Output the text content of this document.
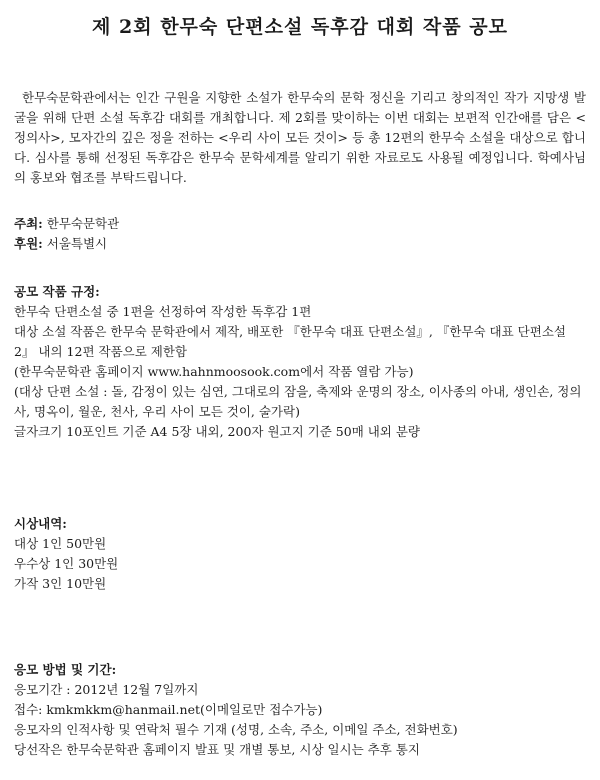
제 2회 한무숙 단편소설 독후감 대회 작품 공모
한무숙문학관에서는 인간 구원을 지향한 소설가 한무숙의 문학 정신을 기리고 창의적인 작가 지망생 발굴을 위해 단편 소설 독후감 대회를 개최합니다. 제 2회를 맞이하는 이번 대회는 보편적 인간애를 담은 <정의사>, 모자간의 깊은 정을 전하는 <우리 사이 모든 것이> 등 총 12편의 한무숙 소설을 대상으로 합니다. 심사를 통해 선정된 독후감은 한무숙 문학세계를 알리기 위한 자료로도 사용될 예정입니다. 학예사님의 홍보와 협조를 부탁드립니다.
주최: 한무숙문학관
후원: 서울특별시
공모 작품 규정:
한무숙 단편소설 중 1편을 선정하여 작성한 독후감 1편
대상 소설 작품은 한무숙 문학관에서 제작, 배포한 『한무숙 대표 단편소설』, 『한무숙 대표 단편소설2』 내의 12편 작품으로 제한함
(한무숙문학관 홈페이지 www.hahnmoosook.com에서 작품 열람 가능)
(대상 단편 소설 : 돌, 감정이 있는 심연, 그대로의 잠을, 축제와 운명의 장소, 이사종의 아내, 생인손, 정의사, 명옥이, 월운, 천사, 우리 사이 모든 것이, 술가락)
글자크기 10포인트 기준 A4 5장 내외, 200자 원고지 기준 50매 내외 분량
시상내역:
대상 1인 50만원
우수상 1인 30만원
가작 3인 10만원
응모 방법 및 기간:
응모기간 : 2012년 12월 7일까지
접수: kmkmkkm@hanmail.net(이메일로만 접수가능)
응모자의 인적사항 및 연락처 필수 기재 (성명, 소속, 주소, 이메일 주소, 전화번호)
당선작은 한무숙문학관 홈페이지 발표 및 개별 통보, 시상 일시는 추후 통지
